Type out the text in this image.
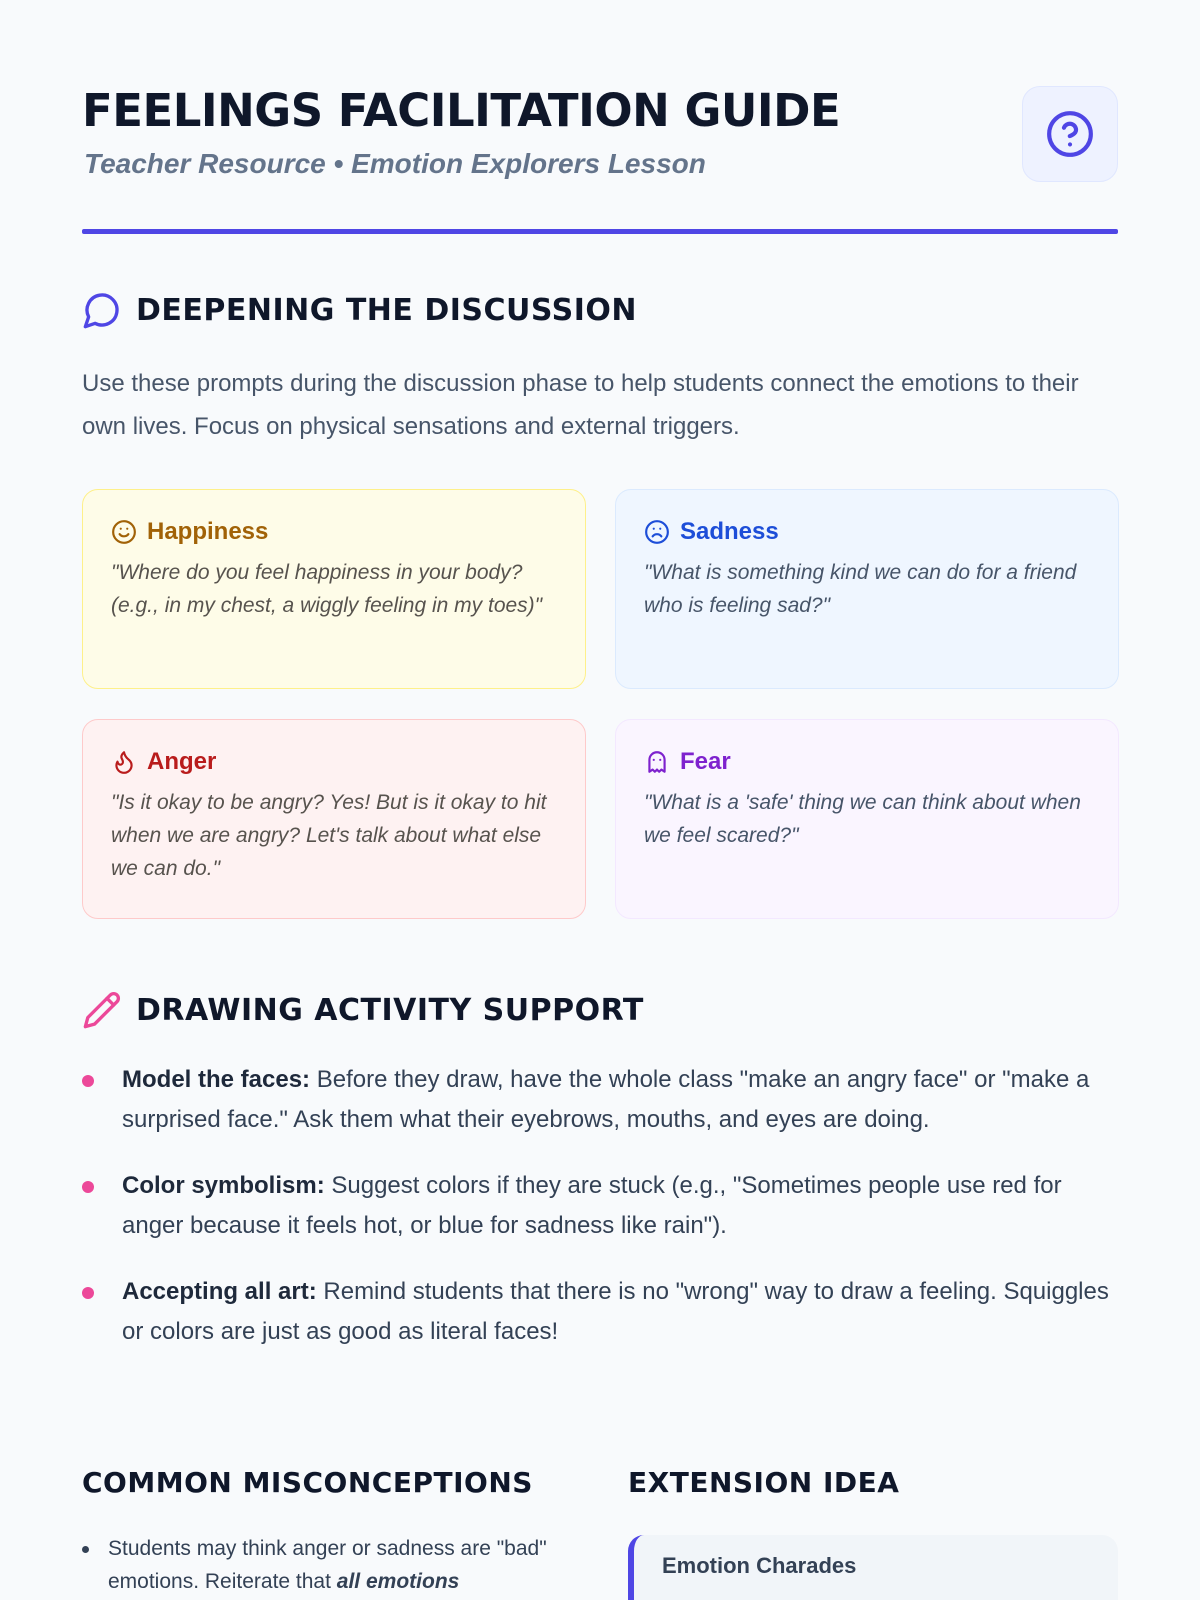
FEELINGS FACILITATION GUIDE
Teacher Resource • Emotion Explorers Lesson
DEEPENING THE DISCUSSION

Use these prompts during the discussion phase to help students connect the emotions to their own lives. Focus on physical sensations and external triggers.

Happiness

"Where do you feel happiness in your body? (e.g., in my chest, a wiggly feeling in my toes)"

Sadness

"What is something kind we can do for a friend who is feeling sad?"

Anger

"Is it okay to be angry? Yes! But is it okay to hit when we are angry? Let's talk about what else we can do."

Fear

"What is a 'safe' thing we can think about when we feel scared?"

DRAWING ACTIVITY SUPPORT
Model the faces: Before they draw, have the whole class "make an angry face" or "make a surprised face." Ask them what their eyebrows, mouths, and eyes are doing.
Color symbolism: Suggest colors if they are stuck (e.g., "Sometimes people use red for anger because it feels hot, or blue for sadness like rain").
Accepting all art: Remind students that there is no "wrong" way to draw a feeling. Squiggles or colors are just as good as literal faces!
COMMON MISCONCEPTIONS	EXTENSION IDEA
Students may think anger or sadness are "bad" emotions. Reiterate that all emotions
Emotion Charades
